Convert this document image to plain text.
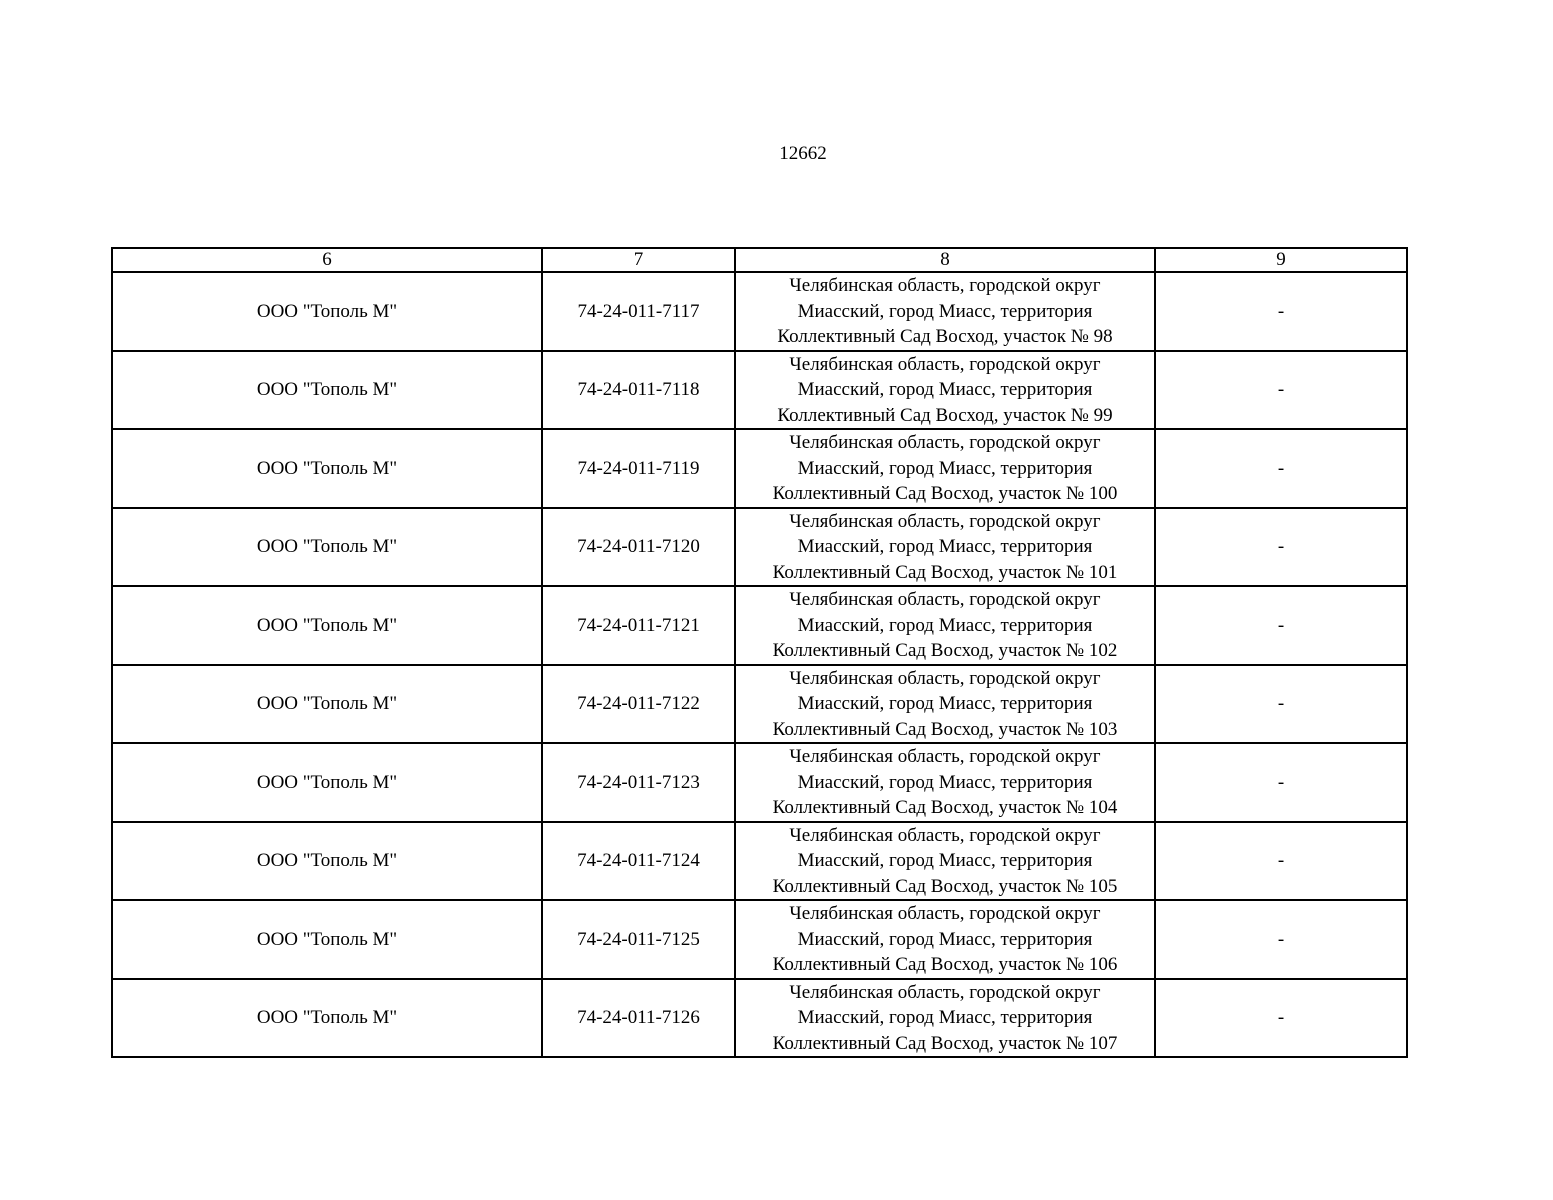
12662
6	7	8	9
ООО "Тополь М"	74-24-011-7117	Челябинская область, городской округ
Миасский, город Миасс, территория
Коллективный Сад Восход, участок № 98	-
ООО "Тополь М"	74-24-011-7118	Челябинская область, городской округ
Миасский, город Миасс, территория
Коллективный Сад Восход, участок № 99	-
ООО "Тополь М"	74-24-011-7119	Челябинская область, городской округ
Миасский, город Миасс, территория
Коллективный Сад Восход, участок № 100	-
ООО "Тополь М"	74-24-011-7120	Челябинская область, городской округ
Миасский, город Миасс, территория
Коллективный Сад Восход, участок № 101	-
ООО "Тополь М"	74-24-011-7121	Челябинская область, городской округ
Миасский, город Миасс, территория
Коллективный Сад Восход, участок № 102	-
ООО "Тополь М"	74-24-011-7122	Челябинская область, городской округ
Миасский, город Миасс, территория
Коллективный Сад Восход, участок № 103	-
ООО "Тополь М"	74-24-011-7123	Челябинская область, городской округ
Миасский, город Миасс, территория
Коллективный Сад Восход, участок № 104	-
ООО "Тополь М"	74-24-011-7124	Челябинская область, городской округ
Миасский, город Миасс, территория
Коллективный Сад Восход, участок № 105	-
ООО "Тополь М"	74-24-011-7125	Челябинская область, городской округ
Миасский, город Миасс, территория
Коллективный Сад Восход, участок № 106	-
ООО "Тополь М"	74-24-011-7126	Челябинская область, городской округ
Миасский, город Миасс, территория
Коллективный Сад Восход, участок № 107	-
